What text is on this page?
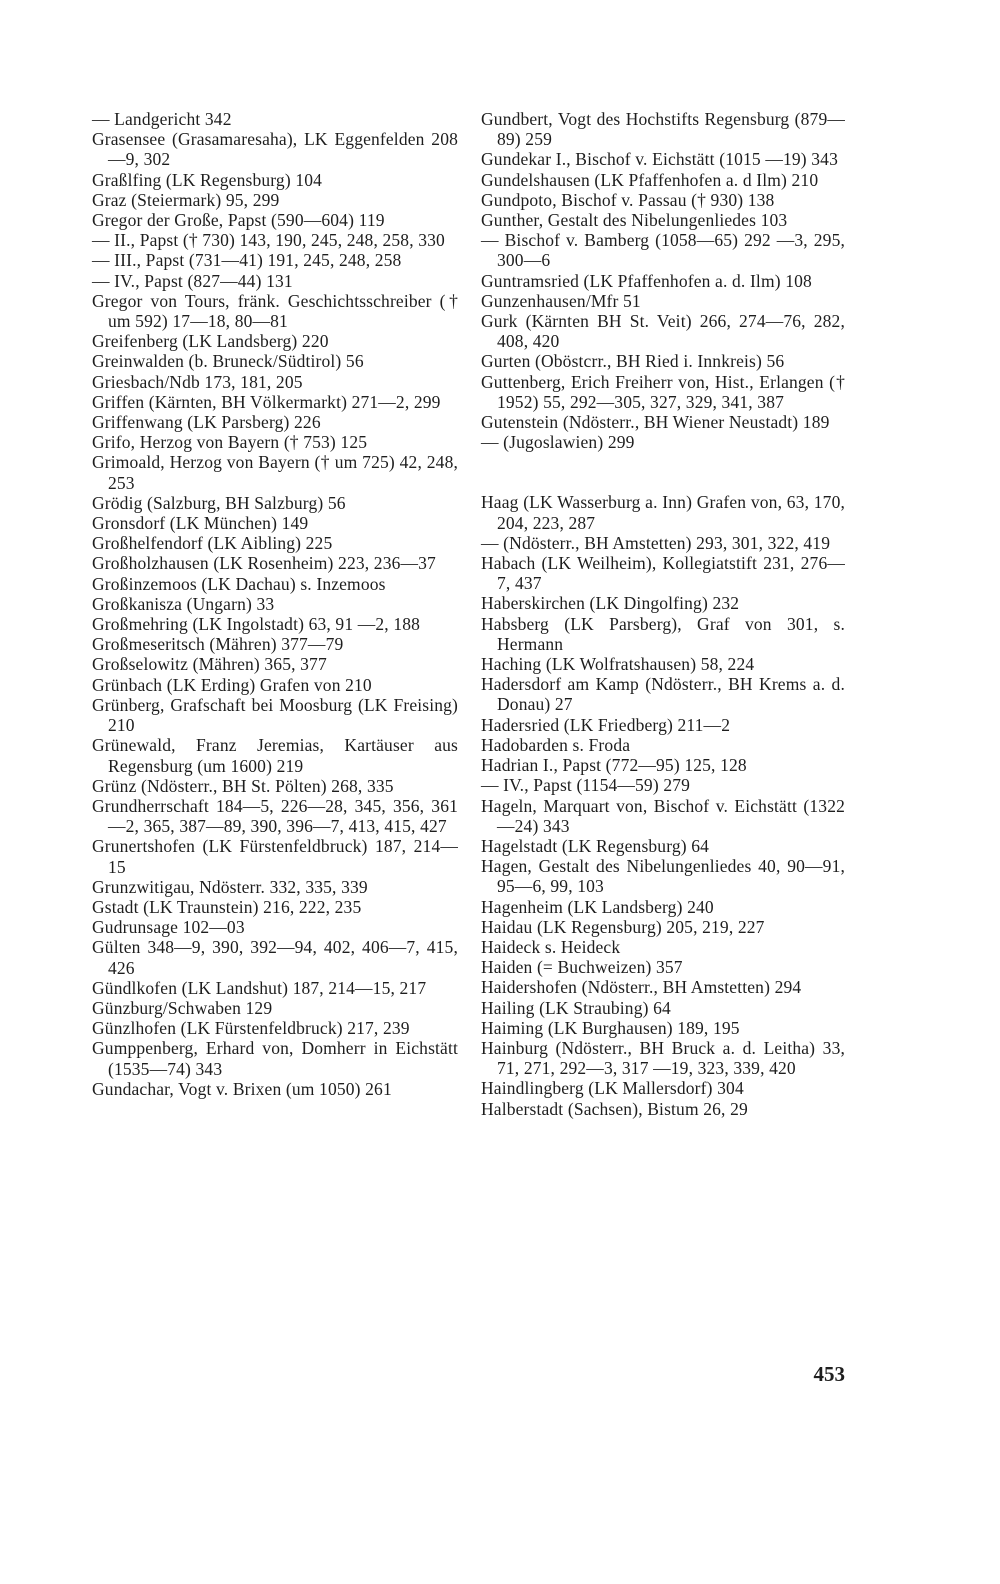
— Landgericht 342

Grasensee (Grasamaresaha), LK Eggenfelden 208—9, 302

Graßlfing (LK Regensburg) 104

Graz (Steiermark) 95, 299

Gregor der Große, Papst (590—604) 119

— II., Papst († 730) 143, 190, 245, 248, 258, 330

— III., Papst (731—41) 191, 245, 248, 258

— IV., Papst (827—44) 131

Gregor von Tours, fränk. Geschichtsschreiber († um 592) 17—18, 80—81

Greifenberg (LK Landsberg) 220

Greinwalden (b. Bruneck/Südtirol) 56

Griesbach/Ndb 173, 181, 205

Griffen (Kärnten, BH Völkermarkt) 271—2, 299

Griffenwang (LK Parsberg) 226

Grifo, Herzog von Bayern († 753) 125

Grimoald, Herzog von Bayern († um 725) 42, 248, 253

Grödig (Salzburg, BH Salzburg) 56

Gronsdorf (LK München) 149

Großhelfendorf (LK Aibling) 225

Großholzhausen (LK Rosenheim) 223, 236—37

Großinzemoos (LK Dachau) s. Inzemoos

Großkanisza (Ungarn) 33

Großmehring (LK Ingolstadt) 63, 91 —2, 188

Großmeseritsch (Mähren) 377—79

Großselowitz (Mähren) 365, 377

Grünbach (LK Erding) Grafen von 210

Grünberg, Grafschaft bei Moosburg (LK Freising) 210

Grünewald, Franz Jeremias, Kartäuser aus Regensburg (um 1600) 219

Grünz (Ndösterr., BH St. Pölten) 268, 335

Grundherrschaft 184—5, 226—28, 345, 356, 361—2, 365, 387—89, 390, 396—7, 413, 415, 427

Grunertshofen (LK Fürstenfeldbruck) 187, 214—15

Grunzwitigau, Ndösterr. 332, 335, 339

Gstadt (LK Traunstein) 216, 222, 235

Gudrunsage 102—03

Gülten 348—9, 390, 392—94, 402, 406—7, 415, 426

Gündlkofen (LK Landshut) 187, 214—15, 217

Günzburg/Schwaben 129

Günzlhofen (LK Fürstenfeldbruck) 217, 239

Gumppenberg, Erhard von, Domherr in Eichstätt (1535—74) 343

Gundachar, Vogt v. Brixen (um 1050) 261

Gundbert, Vogt des Hochstifts Regensburg (879—89) 259

Gundekar I., Bischof v. Eichstätt (1015 —19) 343

Gundelshausen (LK Pfaffenhofen a. d Ilm) 210

Gundpoto, Bischof v. Passau († 930) 138

Gunther, Gestalt des Nibelungenliedes 103

— Bischof v. Bamberg (1058—65) 292 —3, 295, 300—6

Guntramsried (LK Pfaffenhofen a. d. Ilm) 108

Gunzenhausen/Mfr 51

Gurk (Kärnten BH St. Veit) 266, 274—76, 282, 408, 420

Gurten (Oböstcrr., BH Ried i. Innkreis) 56

Guttenberg, Erich Freiherr von, Hist., Erlangen († 1952) 55, 292—305, 327, 329, 341, 387

Gutenstein (Ndösterr., BH Wiener Neustadt) 189

— (Jugoslawien) 299

Haag (LK Wasserburg a. Inn) Grafen von, 63, 170, 204, 223, 287

— (Ndösterr., BH Amstetten) 293, 301, 322, 419

Habach (LK Weilheim), Kollegiatstift 231, 276—7, 437

Haberskirchen (LK Dingolfing) 232

Habsberg (LK Parsberg), Graf von 301, s. Hermann

Haching (LK Wolfratshausen) 58, 224

Hadersdorf am Kamp (Ndösterr., BH Krems a. d. Donau) 27

Hadersried (LK Friedberg) 211—2

Hadobarden s. Froda

Hadrian I., Papst (772—95) 125, 128

— IV., Papst (1154—59) 279

Hageln, Marquart von, Bischof v. Eichstätt (1322—24) 343

Hagelstadt (LK Regensburg) 64

Hagen, Gestalt des Nibelungenliedes 40, 90—91, 95—6, 99, 103

Hagenheim (LK Landsberg) 240

Haidau (LK Regensburg) 205, 219, 227

Haideck s. Heideck

Haiden (= Buchweizen) 357

Haidershofen (Ndösterr., BH Amstetten) 294

Hailing (LK Straubing) 64

Haiming (LK Burghausen) 189, 195

Hainburg (Ndösterr., BH Bruck a. d. Leitha) 33, 71, 271, 292—3, 317 —19, 323, 339, 420

Haindlingberg (LK Mallersdorf) 304

Halberstadt (Sachsen), Bistum 26, 29

453
